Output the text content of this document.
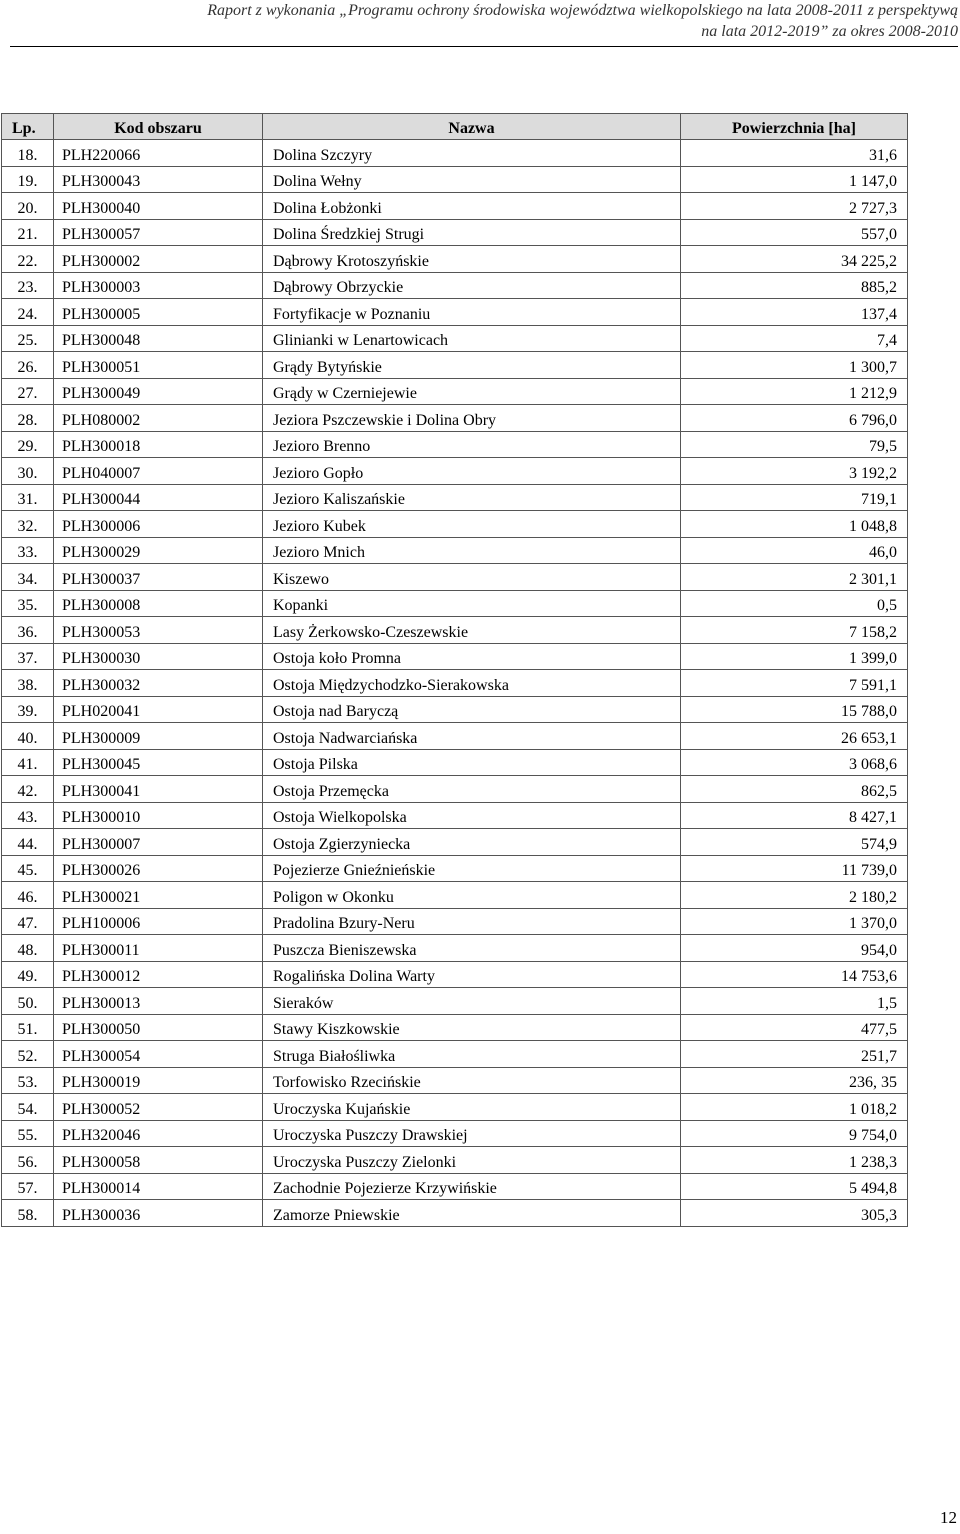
Raport z wykonania „Programu ochrony środowiska województwa wielkopolskiego na lata 2008-2011 z perspektywą
na lata 2012-2019” za okres 2008-2010
Lp.	Kod obszaru	Nazwa	Powierzchnia [ha]
18.	PLH220066	Dolina Szczyry	31,6
19.	PLH300043	Dolina Wełny	1 147,0
20.	PLH300040	Dolina Łobżonki	2 727,3
21.	PLH300057	Dolina Średzkiej Strugi	557,0
22.	PLH300002	Dąbrowy Krotoszyńskie	34 225,2
23.	PLH300003	Dąbrowy Obrzyckie	885,2
24.	PLH300005	Fortyfikacje w Poznaniu	137,4
25.	PLH300048	Glinianki w Lenartowicach	7,4
26.	PLH300051	Grądy Bytyńskie	1 300,7
27.	PLH300049	Grądy w Czerniejewie	1 212,9
28.	PLH080002	Jeziora Pszczewskie i Dolina Obry	6 796,0
29.	PLH300018	Jezioro Brenno	79,5
30.	PLH040007	Jezioro Gopło	3 192,2
31.	PLH300044	Jezioro Kaliszańskie	719,1
32.	PLH300006	Jezioro Kubek	1 048,8
33.	PLH300029	Jezioro Mnich	46,0
34.	PLH300037	Kiszewo	2 301,1
35.	PLH300008	Kopanki	0,5
36.	PLH300053	Lasy Żerkowsko-Czeszewskie	7 158,2
37.	PLH300030	Ostoja koło Promna	1 399,0
38.	PLH300032	Ostoja Międzychodzko-Sierakowska	7 591,1
39.	PLH020041	Ostoja nad Baryczą	15 788,0
40.	PLH300009	Ostoja Nadwarciańska	26 653,1
41.	PLH300045	Ostoja Pilska	3 068,6
42.	PLH300041	Ostoja Przemęcka	862,5
43.	PLH300010	Ostoja Wielkopolska	8 427,1
44.	PLH300007	Ostoja Zgierzyniecka	574,9
45.	PLH300026	Pojezierze Gnieźnieńskie	11 739,0
46.	PLH300021	Poligon w Okonku	2 180,2
47.	PLH100006	Pradolina Bzury-Neru	1 370,0
48.	PLH300011	Puszcza Bieniszewska	954,0
49.	PLH300012	Rogalińska Dolina Warty	14 753,6
50.	PLH300013	Sieraków	1,5
51.	PLH300050	Stawy Kiszkowskie	477,5
52.	PLH300054	Struga Białośliwka	251,7
53.	PLH300019	Torfowisko Rzecińskie	236, 35
54.	PLH300052	Uroczyska Kujańskie	1 018,2
55.	PLH320046	Uroczyska Puszczy Drawskiej	9 754,0
56.	PLH300058	Uroczyska Puszczy Zielonki	1 238,3
57.	PLH300014	Zachodnie Pojezierze Krzywińskie	5 494,8
58.	PLH300036	Zamorze Pniewskie	305,3
12
